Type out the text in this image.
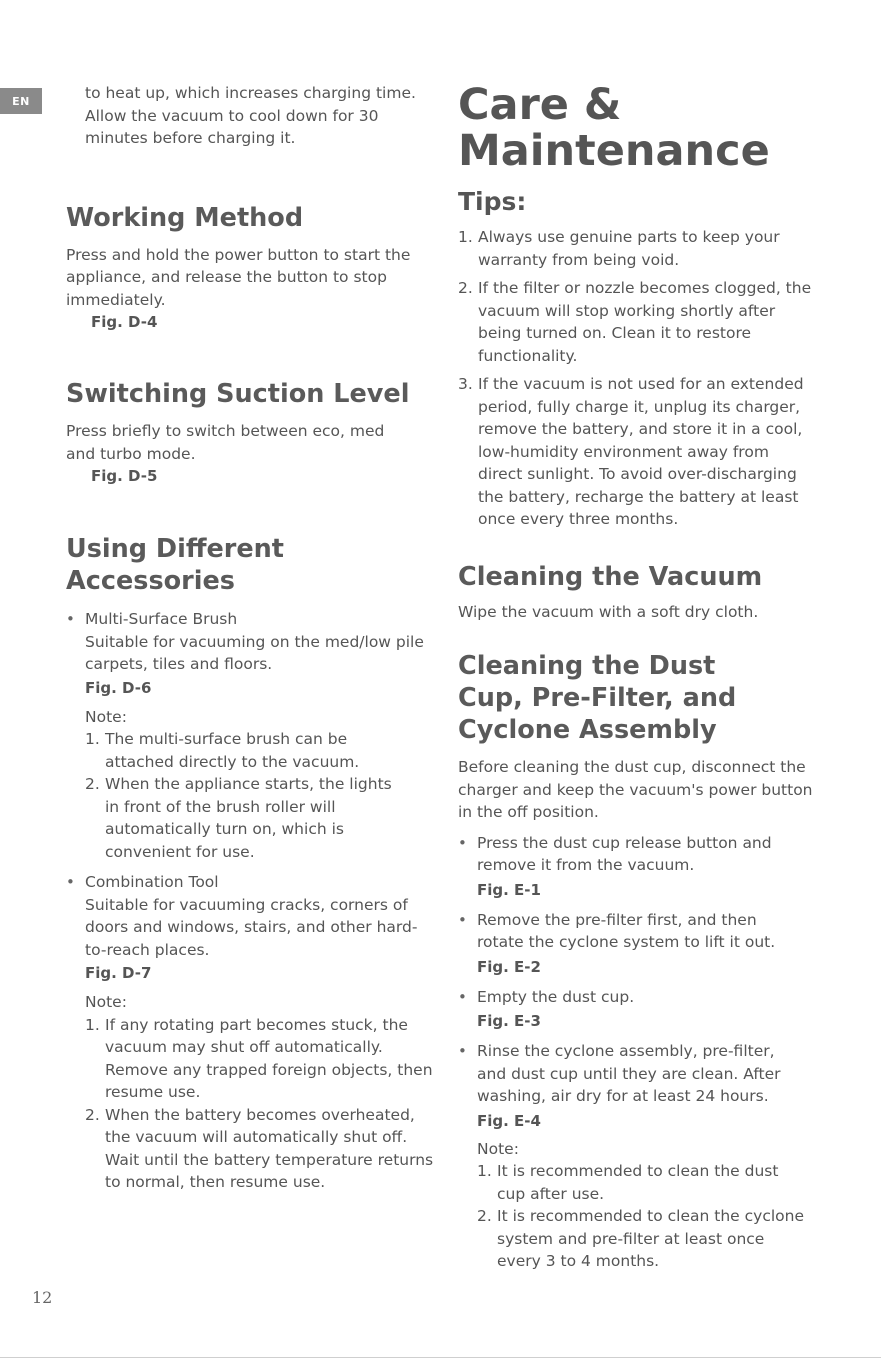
EN	to heat up, which increases charging time. Allow the vacuum to cool down for 30 minutes before charging it.

Working Method

Press and hold the power button to start the appliance, and release the button to stop immediately.

Fig. D-4

Switching Suction Level

Press briefly to switch between eco, med and turbo mode.

Fig. D-5

Using Different Accessories

• Multi-Surface Brush

Suitable for vacuuming on the med/low pile carpets, tiles and floors.

Fig. D-6

Note:

1. The multi-surface brush can be attached directly to the vacuum.
2. When the appliance starts, the lights in front of the brush roller will automatically turn on, which is convenient for use.

• Combination Tool

Suitable for vacuuming cracks, corners of doors and windows, stairs, and other hard-to-reach places.

Fig. D-7

Note:

1. If any rotating part becomes stuck, the vacuum may shut off automatically. Remove any trapped foreign objects, then resume use.
2. When the battery becomes overheated, the vacuum will automatically shut off. Wait until the battery temperature returns to normal, then resume use.
Care & Maintenance
Tips:
1. Always use genuine parts to keep your warranty from being void.
2. If the filter or nozzle becomes clogged, the vacuum will stop working shortly after being turned on. Clean it to restore functionality.
3. If the vacuum is not used for an extended period, fully charge it, unplug its charger, remove the battery, and store it in a cool, low-humidity environment away from direct sunlight. To avoid over-discharging the battery, recharge the battery at least once every three months.
Cleaning the Vacuum

Wipe the vacuum with a soft dry cloth.

Cleaning the Dust Cup, Pre-Filter, and Cyclone Assembly

Before cleaning the dust cup, disconnect the charger and keep the vacuum's power button in the off position.

• Press the dust cup release button and remove it from the vacuum.

Fig. E-1

• Remove the pre-filter first, and then rotate the cyclone system to lift it out.

Fig. E-2

• Empty the dust cup.

Fig. E-3

• Rinse the cyclone assembly, pre-filter, and dust cup until they are clean. After washing, air dry for at least 24 hours.

Fig. E-4

Note:

1. It is recommended to clean the dust cup after use.
2. It is recommended to clean the cyclone system and pre-filter at least once every 3 to 4 months.
12
